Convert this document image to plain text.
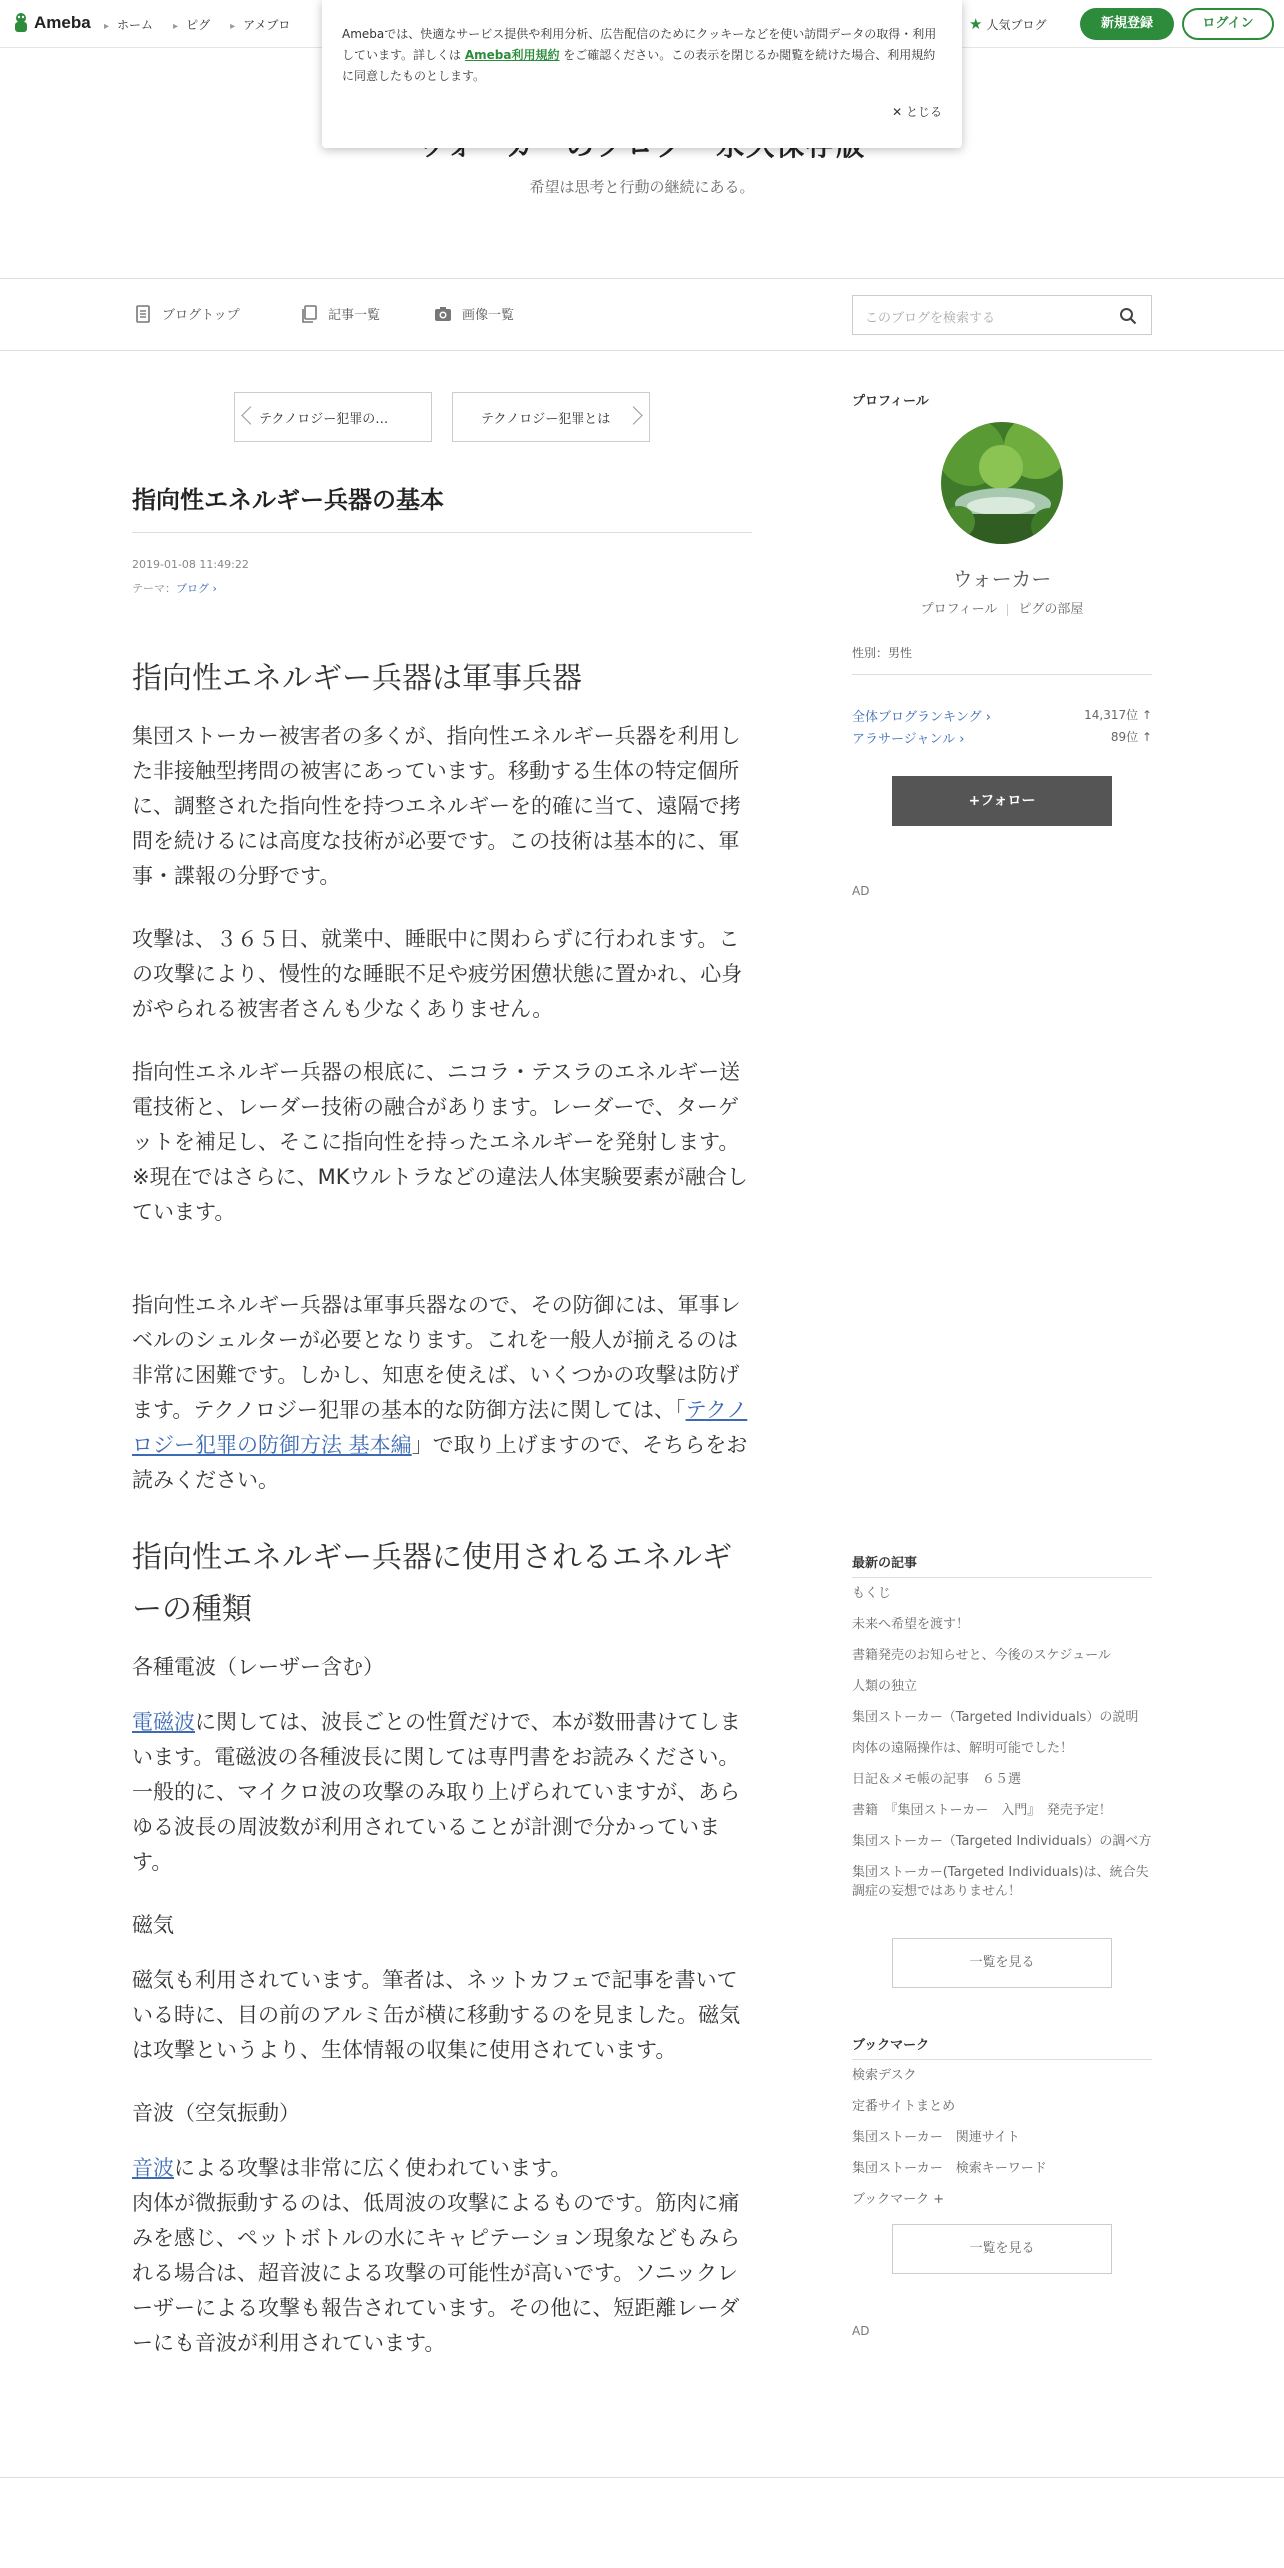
Ameba	▸ ホーム	▸ ピグ	▸ アメブロ	★ 人気ブログ	新規登録	ログイン
Amebaでは、快適なサービス提供や利用分析、広告配信のためにクッキーなどを使い訪問データの取得・利用しています。詳しくは Ameba利用規約 をご確認ください。この表示を閉じるか閲覧を続けた場合、利用規約に同意したものとします。
✕ とじる
希望は思考と行動の継続にある。
ブログトップ	記事一覧	画像一覧	このブログを検索する
テクノロジー犯罪の…	テクノロジー犯罪とは
指向性エネルギー兵器の基本
2019-01-08 11:49:22
テーマ：ブログ ›
指向性エネルギー兵器は軍事兵器

集団ストーカー被害者の多くが、指向性エネルギー兵器を利用した非接触型拷問の被害にあっています。移動する生体の特定個所に、調整された指向性を持つエネルギーを的確に当て、遠隔で拷問を続けるには高度な技術が必要です。この技術は基本的に、軍事・諜報の分野です。

攻撃は、３６５日、就業中、睡眠中に関わらずに行われます。この攻撃により、慢性的な睡眠不足や疲労困憊状態に置かれ、心身がやられる被害者さんも少なくありません。

指向性エネルギー兵器の根底に、ニコラ・テスラのエネルギー送電技術と、レーダー技術の融合があります。レーダーで、ターゲットを補足し、そこに指向性を持ったエネルギーを発射します。
※現在ではさらに、MKウルトラなどの違法人体実験要素が融合しています。

指向性エネルギー兵器は軍事兵器なので、その防御には、軍事レベルのシェルターが必要となります。これを一般人が揃えるのは非常に困難です。しかし、知恵を使えば、いくつかの攻撃は防げます。テクノロジー犯罪の基本的な防御方法に関しては、「テクノロジー犯罪の防御方法 基本編」で取り上げますので、そちらをお読みください。

指向性エネルギー兵器に使用されるエネルギーの種類
各種電波（レーザー含む）

電磁波に関しては、波長ごとの性質だけで、本が数冊書けてしまいます。電磁波の各種波長に関しては専門書をお読みください。一般的に、マイクロ波の攻撃のみ取り上げられていますが、あらゆる波長の周波数が利用されていることが計測で分かっています。

磁気

磁気も利用されています。筆者は、ネットカフェで記事を書いている時に、目の前のアルミ缶が横に移動するのを見ました。磁気は攻撃というより、生体情報の収集に使用されています。

音波（空気振動）

音波による攻撃は非常に広く使われています。
肉体が微振動するのは、低周波の攻撃によるものです。筋肉に痛みを感じ、ペットボトルの水にキャピテーション現象などもみられる場合は、超音波による攻撃の可能性が高いです。ソニックレーザーによる攻撃も報告されています。その他に、短距離レーダーにも音波が利用されています。

プロフィール
ウォーカー
プロフィール ピグの部屋
性別：男性
全体ブログランキング ›	14,317位 ↑
アラサージャンル ›	89位 ↑
+フォロー
AD
最新の記事
もくじ
未来へ希望を渡す！
書籍発売のお知らせと、今後のスケジュール
人類の独立
集団ストーカー（Targeted Individuals）の説明
肉体の遠隔操作は、解明可能でした！
日記＆メモ帳の記事　６５選
書籍　『集団ストーカー　入門』　発売予定！
集団ストーカー（Targeted Individuals）の調べ方
集団ストーカー(Targeted Individuals)は、統合失調症の妄想ではありません！
一覧を見る
ブックマーク
検索デスク
定番サイトまとめ
集団ストーカー　関連サイト
集団ストーカー　検索キーワード
ブックマーク +
一覧を見る
AD
